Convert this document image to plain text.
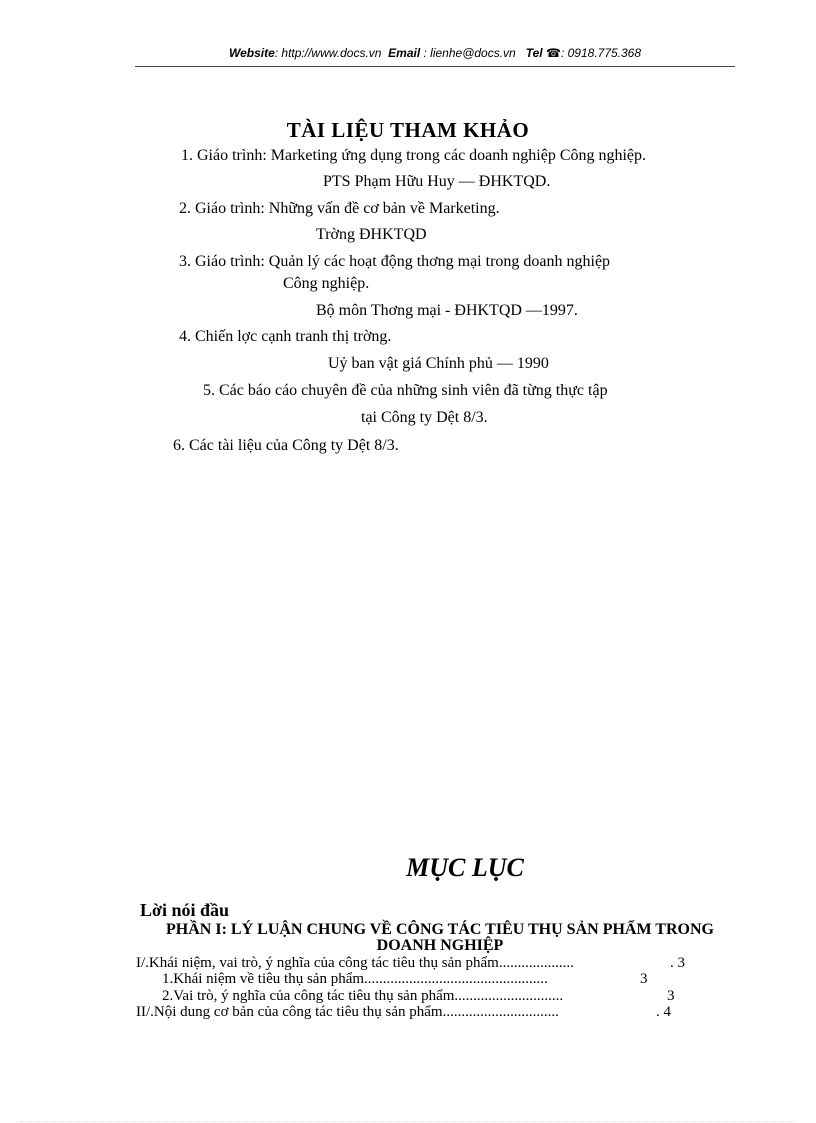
Website: http://www.docs.vn Email : lienhe@docs.vn Tel ☎: 0918.775.368
TÀI LIỆU THAM KHẢO
1. Giáo trình: Marketing ứng dụng trong các doanh nghiệp Công nghiệp.
PTS Phạm Hữu Huy — ĐHKTQD.
2. Giáo trình: Những vấn đề cơ bản về Marketing.
Trờng ĐHKTQD
3. Giáo trình: Quản lý các hoạt động thơng mại trong doanh nghiệp
Công nghiệp.
Bộ môn Thơng mại - ĐHKTQD —1997.
4. Chiến lợc cạnh tranh thị trờng.
Uỷ ban vật giá Chính phủ — 1990
5. Các báo cáo chuyên đề của những sinh viên đã từng thực tập
tại Công ty Dệt 8/3.
6. Các tài liệu của Công ty Dệt 8/3.
MỤC LỤC
Lời nói đầu
PHẦN I: LÝ LUẬN CHUNG VỀ CÔNG TÁC TIÊU THỤ SẢN PHẨM TRONG DOANH NGHIỆP
I/.Khái niệm, vai trò, ý nghĩa của công tác tiêu thụ sản phẩm....................	. 3
1.Khái niệm về tiêu thụ sản phẩm.................................................	3
2.Vai trò, ý nghĩa của công tác tiêu thụ sản phẩm.............................	3
II/.Nội dung cơ bản của công tác tiêu thụ sản phẩm...............................	. 4
